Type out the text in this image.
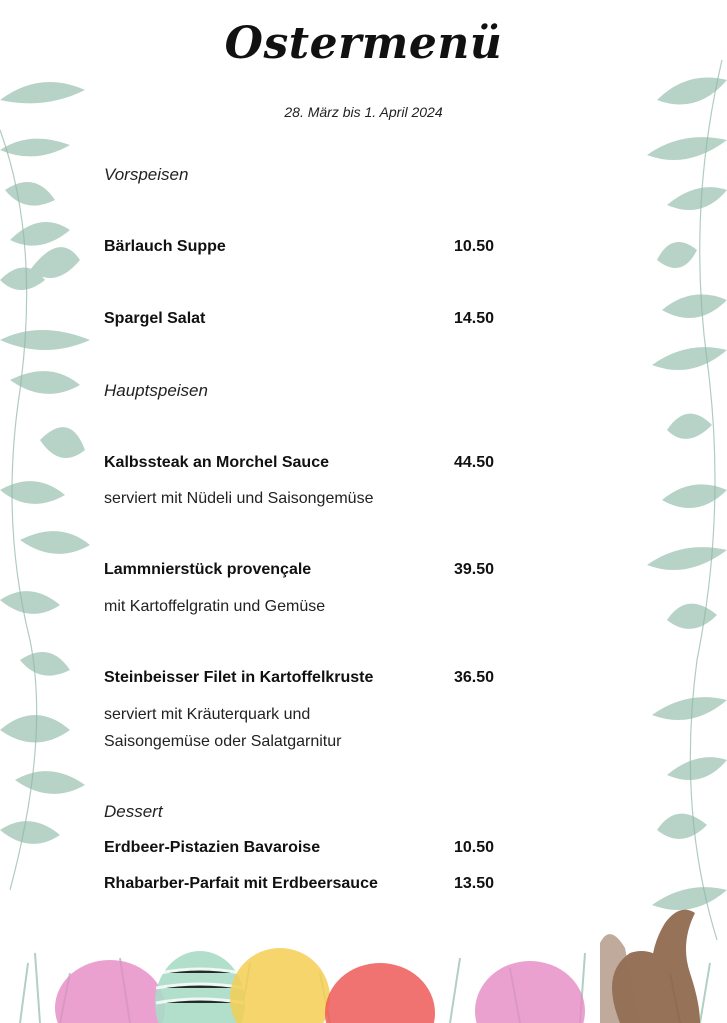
Ostermenü
28. März bis 1. April 2024
Vorspeisen
Bärlauch Suppe	10.50
Spargel Salat	14.50
Hauptspeisen
Kalbssteak an Morchel Sauce	44.50
serviert mit Nüdeli und Saisongemüse
Lammnierstück provençale	39.50
mit Kartoffelgratin und Gemüse
Steinbeisser Filet in Kartoffelkruste	36.50
serviert mit Kräuterquark und
Saisongemüse oder Salatgarnitur
Dessert
Erdbeer-Pistazien Bavaroise	10.50
Rhabarber-Parfait mit Erdbeersauce	13.50
